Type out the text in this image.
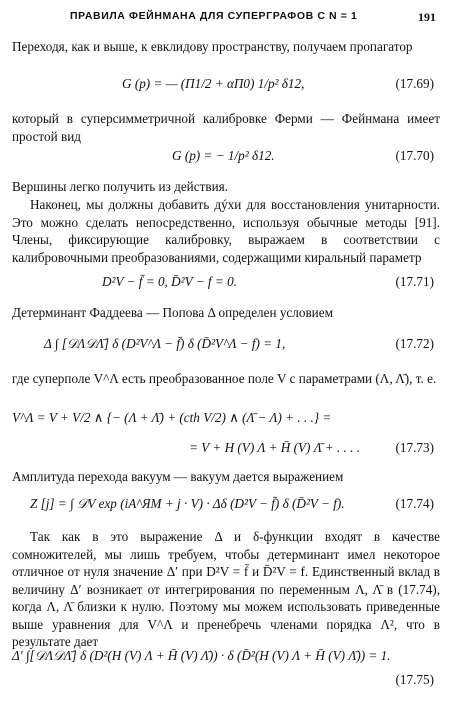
ПРАВИЛА ФЕЙНМАНА ДЛЯ СУПЕРГРАФОВ С N = 1	191
Переходя, как и выше, к евклидову пространству, получаем пропагатор
G (p) = — (Π1/2 + αΠ0) 1/p² δ12,	(17.69)
который в суперсимметричной калибровке Ферми — Фейнмана имеет простой вид
G (p) = − 1/p² δ12.	(17.70)
Вершины легко получить из действия.
Наконец, мы должны добавить дýхи для восстановления унитарности. Это можно сделать непосредственно, используя обычные методы [91]. Члены, фиксирующие калибровку, выражаем в соответствии с калибровочными преобразованиями, содержащими киральный параметр
D²V − f̄ = 0, D̄²V − f = 0.	(17.71)
Детерминант Фаддеева — Попова Δ определен условием
Δ ∫ [𝒟Λ𝒟Λ̄] δ (D²V^Λ − f̄) δ (D̄²V^Λ − f) = 1,	(17.72)
где суперполе V^Λ есть преобразованное поле V с параметрами (Λ, Λ̄), т. е.
V^Λ = V + V/2 ∧ {− (Λ + Λ̄) + (cth V/2) ∧ (Λ̄ − Λ) + . . .} =
= V + H (V) Λ + H̄ (V) Λ̄ + . . . .	(17.73)
Амплитуда перехода вакуум — вакуум дается выражением
Z [j] = ∫ 𝒟V exp (iA^ЯМ + j · V) · Δδ (D²V − f̄) δ (D̄²V − f).	(17.74)
Так как в это выражение Δ и δ-функции входят в качестве сомножителей, мы лишь требуем, чтобы детерминант имел некоторое отличное от нуля значение Δ′ при D²V = f̄ и D̄²V = f. Единственный вклад в величину Δ′ возникает от интегрирования по переменным Λ, Λ̄ в (17.74), когда Λ, Λ̄ близки к нулю. Поэтому мы можем использовать приведенные выше уравнения для V^Λ и пренебречь членами порядка Λ², что в результате дает
Δ′ ∫[𝒟Λ𝒟Λ̄] δ (D²(H (V) Λ + H̄ (V) Λ̄)) · δ (D̄²(H (V) Λ + H̄ (V) Λ̄)) = 1.
(17.75)
